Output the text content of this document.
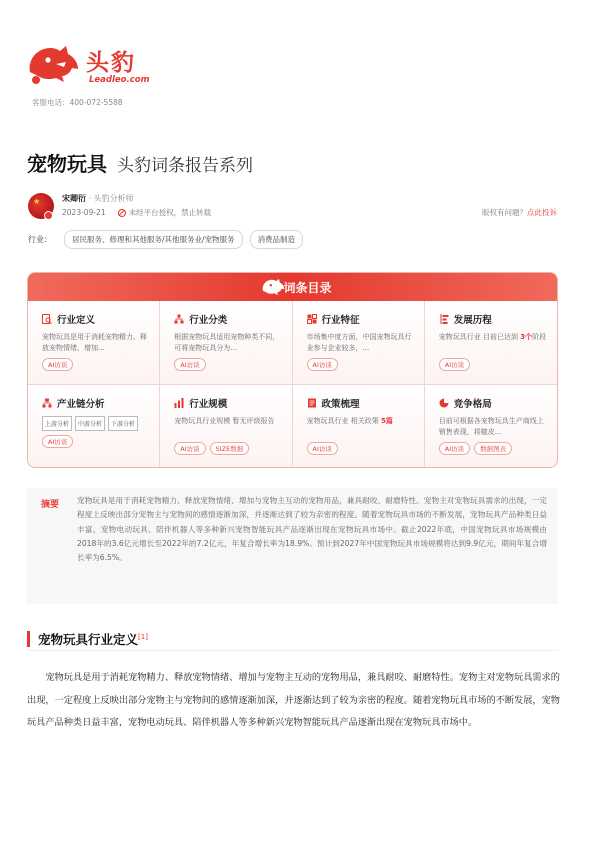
头豹
Leadleo.com
客服电话：400-072-5588
宠物玩具 头豹词条报告系列
★	宋卿衍 · 头豹分析师
2023-09-21	未经平台授权，禁止转载	版权有问题？点此投诉
行业：	居民服务、修理和其他服务/其他服务业/宠物服务	消费品制造
词条目录
行业定义
宠物玩具是用于消耗宠物精力、释放宠物情绪、增加...
AI访谈
行业分类
根据宠物玩具适用宠物种类不同，可将宠物玩具分为...
AI访谈
行业特征
市场集中度方面，中国宠物玩具行业参与企业较多，...
AI访谈
发展历程
宠物玩具行业 目前已达到 3个阶段
AI访谈
产业链分析
上游分析	中游分析	下游分析
AI访谈
行业规模
宠物玩具行业规模 暂无评级报告
AI访谈	SIZE数据
政策梳理
宠物玩具行业 相关政策 5篇
AI访谈
竞争格局
目前可根据各宠物玩具生产商线上销售表现，将媲皮...
AI访谈	数据图表
摘要 宠物玩具是用于消耗宠物精力、释放宠物情绪、增加与宠物主互动的宠物用品，兼具耐咬、耐磨特性。宠物主对宠物玩具需求的出现，一定程度上反映出部分宠物主与宠物间的感情逐渐加深，并逐渐达到了较为亲密的程度。随着宠物玩具市场的不断发展，宠物玩具产品种类日益丰富，宠物电动玩具、陪伴机器人等多种新兴宠物智能玩具产品逐渐出现在宠物玩具市场中。截止2022年底，中国宠物玩具市场规模由2018年的3.6亿元增长至2022年的7.2亿元，年复合增长率为18.9%。预计到2027年中国宠物玩具市场规模将达到9.9亿元，期间年复合增长率为6.5%。
宠物玩具行业定义[1]
宠物玩具是用于消耗宠物精力、释放宠物情绪、增加与宠物主互动的宠物用品，兼具耐咬、耐磨特性。宠物主对宠物玩具需求的出现，一定程度上反映出部分宠物主与宠物间的感情逐渐加深，并逐渐达到了较为亲密的程度。随着宠物玩具市场的不断发展，宠物玩具产品种类日益丰富，宠物电动玩具、陪伴机器人等多种新兴宠物智能玩具产品逐渐出现在宠物玩具市场中。
